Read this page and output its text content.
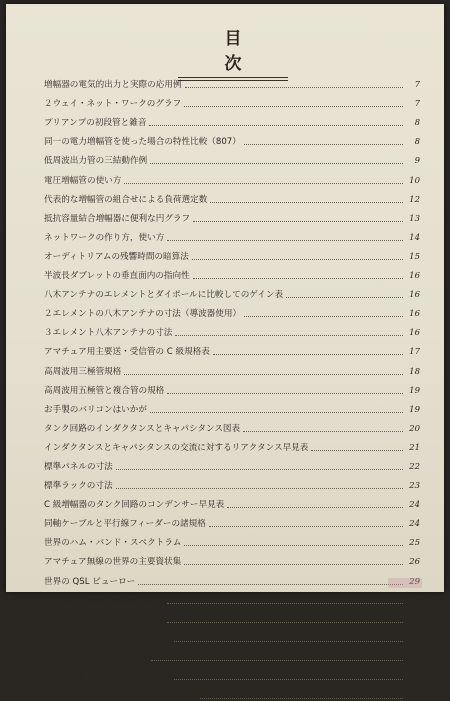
目　次
増幅器の電気的出力と実際の応用例	7
２ウェイ・ネット・ワークのグラフ	7
プリアンプの初段管と雑音	8
同一の電力増幅管を使った場合の特性比較（807）	8
低周波出力管の三結動作例	9
電圧増幅管の使い方	10
代表的な増幅管の組合せによる負荷選定数	12
抵抗容量結合増幅器に便利な円グラフ	13
ネットワークの作り方，使い方	14
オーディトリアムの残響時間の暗算法	15
半波長ダブレットの垂直面内の指向性	16
八木アンテナのエレメントとダイポールに比較してのゲイン表	16
２エレメントの八木アンテナの寸法（導波器使用）	16
３エレメント八木アンテナの寸法	16
アマチュア用主要送・受信管の C 級規格表	17
高周波用三極管規格	18
高周波用五極管と複合管の規格	19
お手製のバリコンはいかが	19
タンク回路のインダクタンスとキャパシタンス図表	20
インダクタンスとキャパシタンスの交流に対するリアクタンス早見表	21
標準パネルの寸法	22
標準ラックの寸法	23
C 級増幅器のタンク回路のコンデンサー早見表	24
同軸ケーブルと平行線フィーダーの諸規格	24
世界のハム・バンド・スペクトラム	25
アマチュア無線の世界の主要資状集	26
世界の QSL ビューロー	29
ブラウン管の再生修理について	32
フライバック高圧電源の安定化	34
FM 受信機用のバリコンの使い方	35
FM 受信機の α 同調の利点	35
FM 受信機の局部発振回路とハム	36
FM 受信機の局部発振周波数の変動と蛋	36
